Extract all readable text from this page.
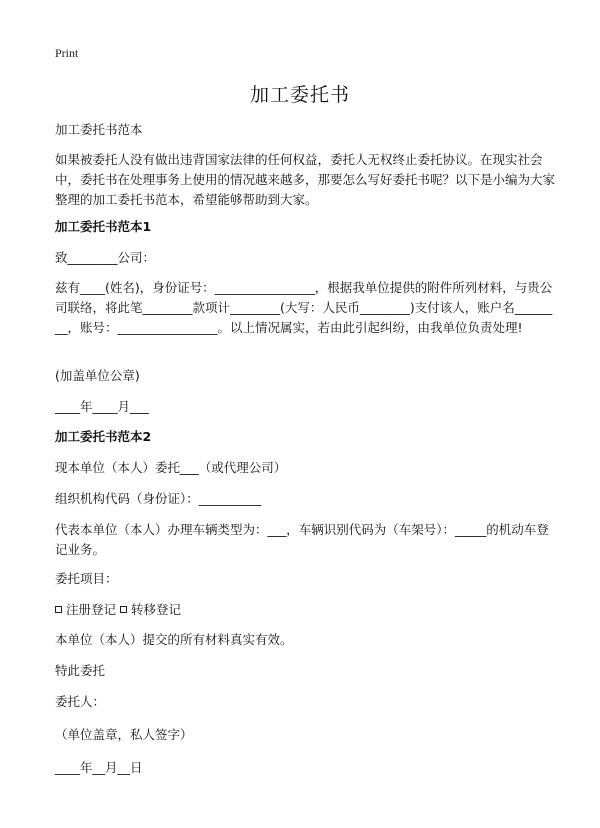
Print
加工委托书
加工委托书范本
如果被委托人没有做出违背国家法律的任何权益，委托人无权终止委托协议。在现实社会中，委托书在处理事务上使用的情况越来越多，那要怎么写好委托书呢？以下是小编为大家整理的加工委托书范本，希望能够帮助到大家。
加工委托书范本1
致________公司：
兹有____(姓名)，身份证号：________________，根据我单位提供的附件所列材料，与贵公司联络，将此笔________款项计________(大写：人民币________)支付该人，账户名________，账号：________________。以上情况属实，若由此引起纠纷，由我单位负责处理!
(加盖单位公章)
____年____月___
加工委托书范本2
现本单位（本人）委托___（或代理公司）
组织机构代码（身份证）：__________
代表本单位（本人）办理车辆类型为：___，车辆识别代码为（车架号）：_____的机动车登记业务。
委托项目：
注册登记 转移登记
本单位（本人）提交的所有材料真实有效。
特此委托
委托人：
（单位盖章，私人签字）
____年__月__日
